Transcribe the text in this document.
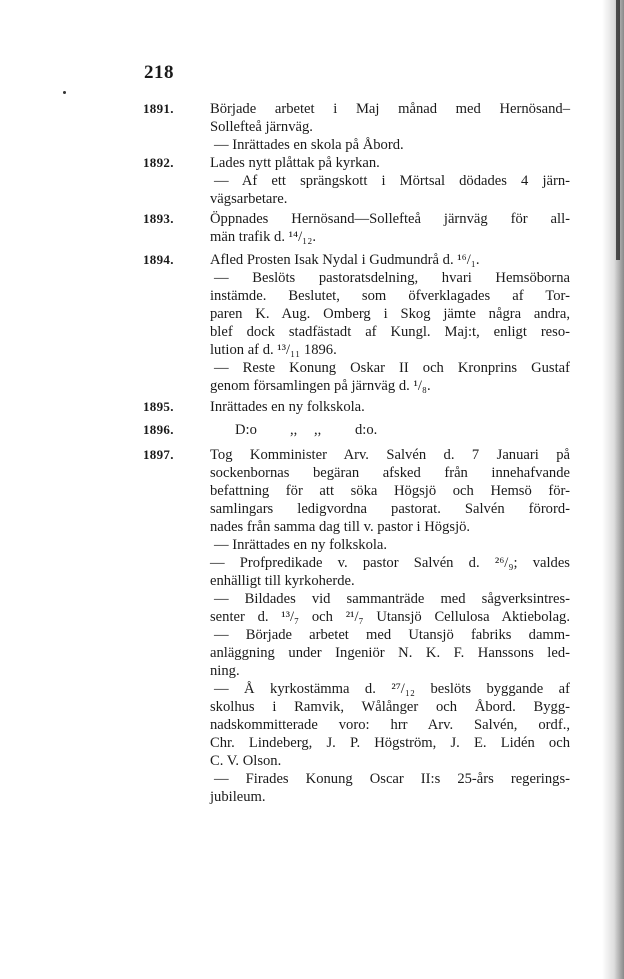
218
1891. Började arbetet i Maj månad med Hernösand–
Sollefteå järnväg.
— Inrättades en skola på Åbord.
1892. Lades nytt plåttak på kyrkan.
— Af ett sprängskott i Mörtsal dödades 4 järn-
vägsarbetare.
1893. Öppnades Hernösand—Sollefteå järnväg för all-
män trafik d. ¹⁴/₁₂.
1894. Afled Prosten Isak Nydal i Gudmundrå d. ¹⁶/₁.
— Beslöts pastoratsdelning, hvari Hemsöborna
instämde. Beslutet, som öfverklagades af Tor-
paren K. Aug. Omberg i Skog jämte några andra,
blef dock stadfästadt af Kungl. Maj:t, enligt reso-
lution af d. ¹³/₁₁ 1896.
— Reste Konung Oskar II och Kronprins Gustaf
genom församlingen på järnväg d. ¹/₈.
1895. Inrättades en ny folkskola.
1896.	D:o ,, ,, d:o.
1897. Tog Komminister Arv. Salvén d. 7 Januari på
sockenbornas begäran afsked från innehafvande
befattning för att söka Högsjö och Hemsö för-
samlingars ledigvordna pastorat. Salvén förord-
nades från samma dag till v. pastor i Högsjö.
— Inrättades en ny folkskola.
— Profpredikade v. pastor Salvén d. ²⁶/₉; valdes
enhälligt till kyrkoherde.
— Bildades vid sammanträde med sågverksintres-
senter d. ¹³/₇ och ²¹/₇ Utansjö Cellulosa Aktiebolag.
— Började arbetet med Utansjö fabriks damm-
anläggning under Ingeniör N. K. F. Hanssons led-
ning.
— Å kyrkostämma d. ²⁷/₁₂ beslöts byggande af
skolhus i Ramvik, Wålånger och Åbord. Bygg-
nadskommitterade voro: hrr Arv. Salvén, ordf.,
Chr. Lindeberg, J. P. Högström, J. E. Lidén och
C. V. Olson.
— Firades Konung Oscar II:s 25-års regerings-
jubileum.
